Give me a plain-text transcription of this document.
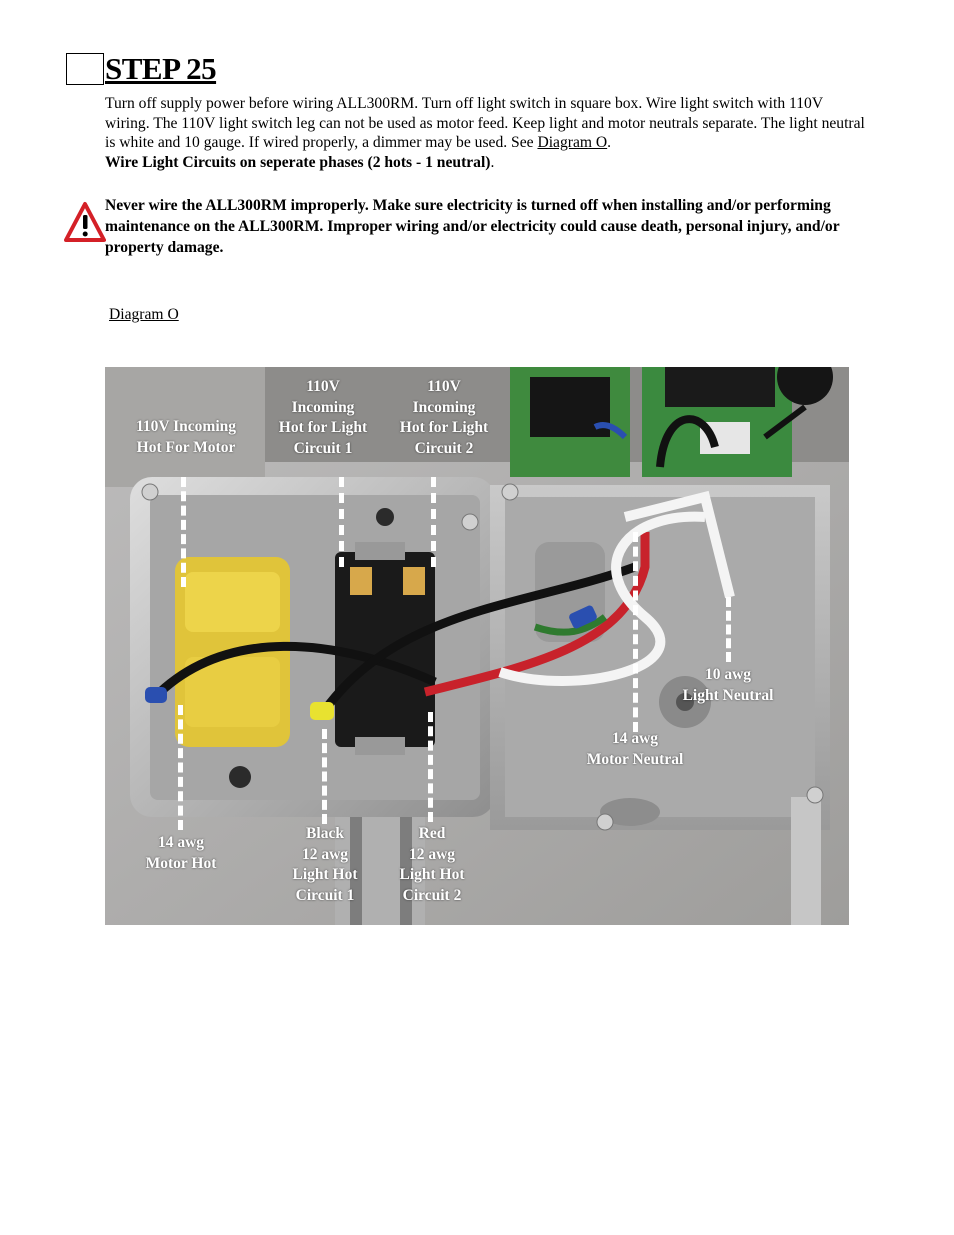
STEP 25
Turn off supply power before wiring ALL300RM. Turn off light switch in square box. Wire light switch with 110V wiring. The 110V light switch leg can not be used as motor feed. Keep light and motor neutrals separate. The light neutral is white and 10 gauge. If wired properly, a dimmer may be used. See Diagram O.
Wire Light Circuits on seperate phases (2 hots - 1 neutral).
Never wire the ALL300RM improperly. Make sure electricity is turned off when installing and/or performing maintenance on the ALL300RM. Improper wiring and/or electricity could cause death, personal injury, and/or property damage.
Diagram O
110V Incoming
Hot For Motor
110V
Incoming
Hot for Light
Circuit 1
110V
Incoming
Hot for Light
Circuit 2
10 awg
Light Neutral
14 awg
Motor Neutral
14 awg
Motor Hot
Black
12 awg
Light Hot
Circuit 1
Red
12 awg
Light Hot
Circuit 2
